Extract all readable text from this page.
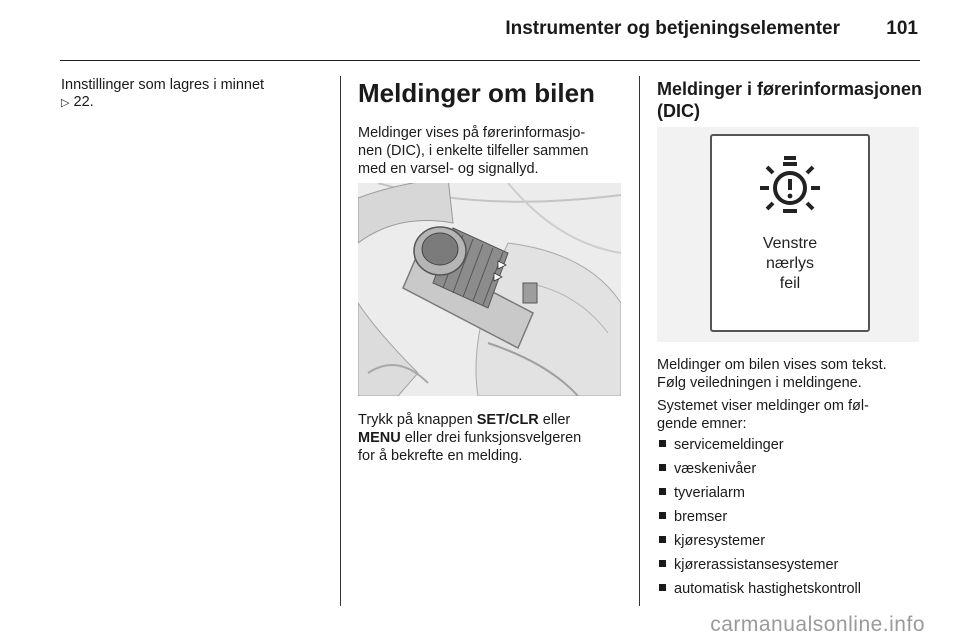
Instrumenter og betjeningselementer	101
Innstillinger som lagres i minnet
▷ 22.	Meldinger om bilen
Meldinger vises på førerinformasjo-
nen (DIC), i enkelte tilfeller sammen
med en varsel- og signallyd.
Trykk på knappen SET/CLR eller
MENU eller drei funksjonsvelgeren
for å bekrefte en melding.
Meldinger i førerinformasjonen
(DIC)
Venstre
nærlys
feil
Meldinger om bilen vises som tekst.
Følg veiledningen i meldingene.
Systemet viser meldinger om føl-
gende emner:
servicemeldinger
væskenivåer
tyverialarm
bremser
kjøresystemer
kjørerassistansesystemer
automatisk hastighetskontroll
carmanualsonline.info
